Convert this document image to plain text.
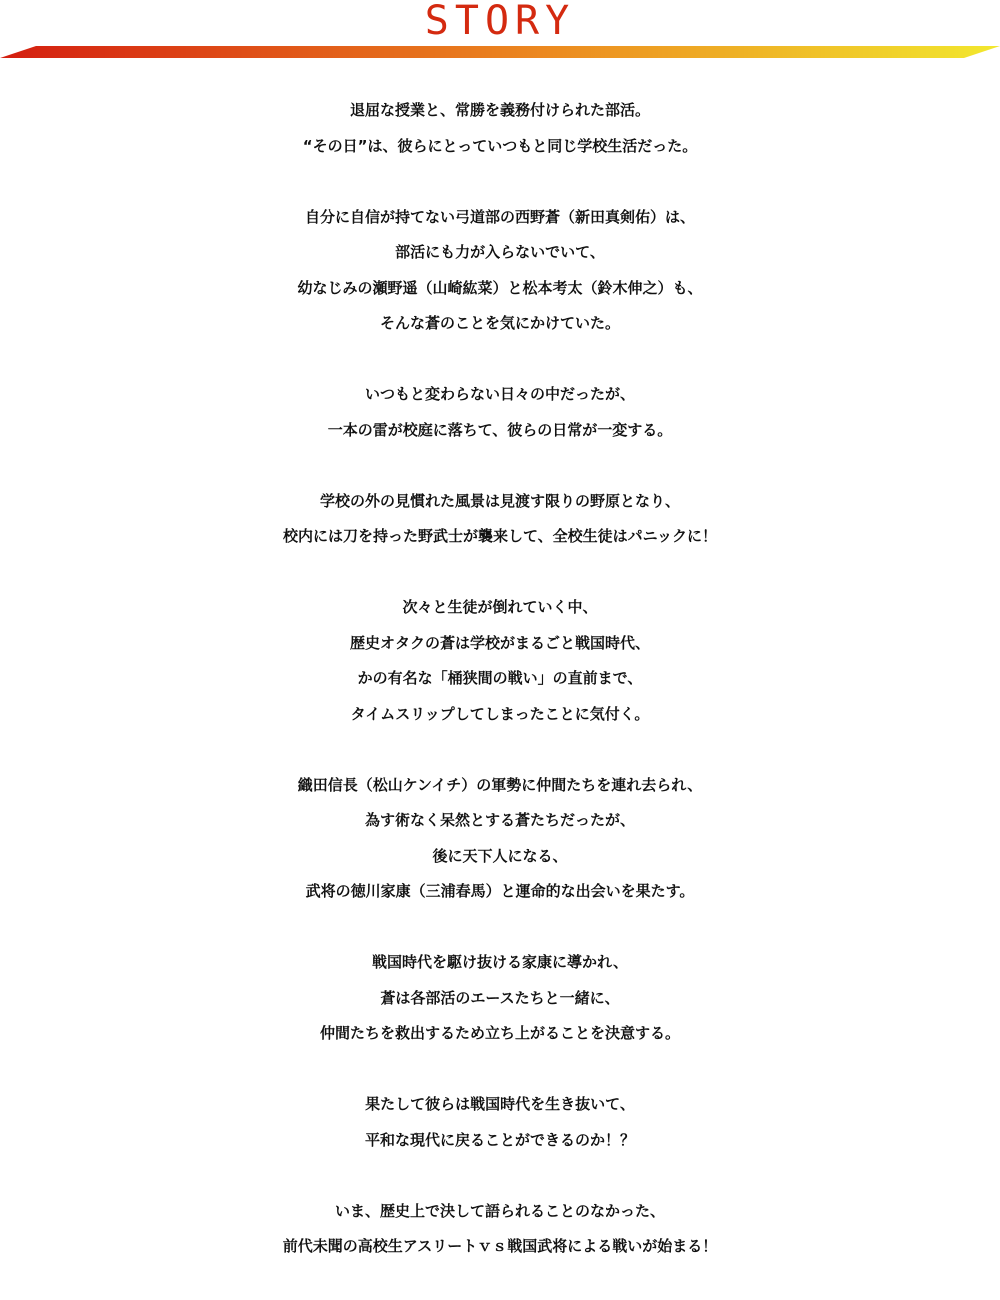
STORY
退屈な授業と、常勝を義務付けられた部活。
“その日”は、彼らにとっていつもと同じ学校生活だった。
自分に自信が持てない弓道部の西野蒼（新田真剣佑）は、
部活にも力が入らないでいて、
幼なじみの瀬野遥（山崎紘菜）と松本考太（鈴木伸之）も、
そんな蒼のことを気にかけていた。
いつもと変わらない日々の中だったが、
一本の雷が校庭に落ちて、彼らの日常が一変する。
学校の外の見慣れた風景は見渡す限りの野原となり、
校内には刀を持った野武士が襲来して、全校生徒はパニックに！
次々と生徒が倒れていく中、
歴史オタクの蒼は学校がまるごと戦国時代、
かの有名な「桶狭間の戦い」の直前まで、
タイムスリップしてしまったことに気付く。
織田信長（松山ケンイチ）の軍勢に仲間たちを連れ去られ、
為す術なく呆然とする蒼たちだったが、
後に天下人になる、
武将の徳川家康（三浦春馬）と運命的な出会いを果たす。
戦国時代を駆け抜ける家康に導かれ、
蒼は各部活のエースたちと一緒に、
仲間たちを救出するため立ち上がることを決意する。
果たして彼らは戦国時代を生き抜いて、
平和な現代に戻ることができるのか！？
いま、歴史上で決して語られることのなかった、
前代未聞の高校生アスリートｖｓ戦国武将による戦いが始まる！
